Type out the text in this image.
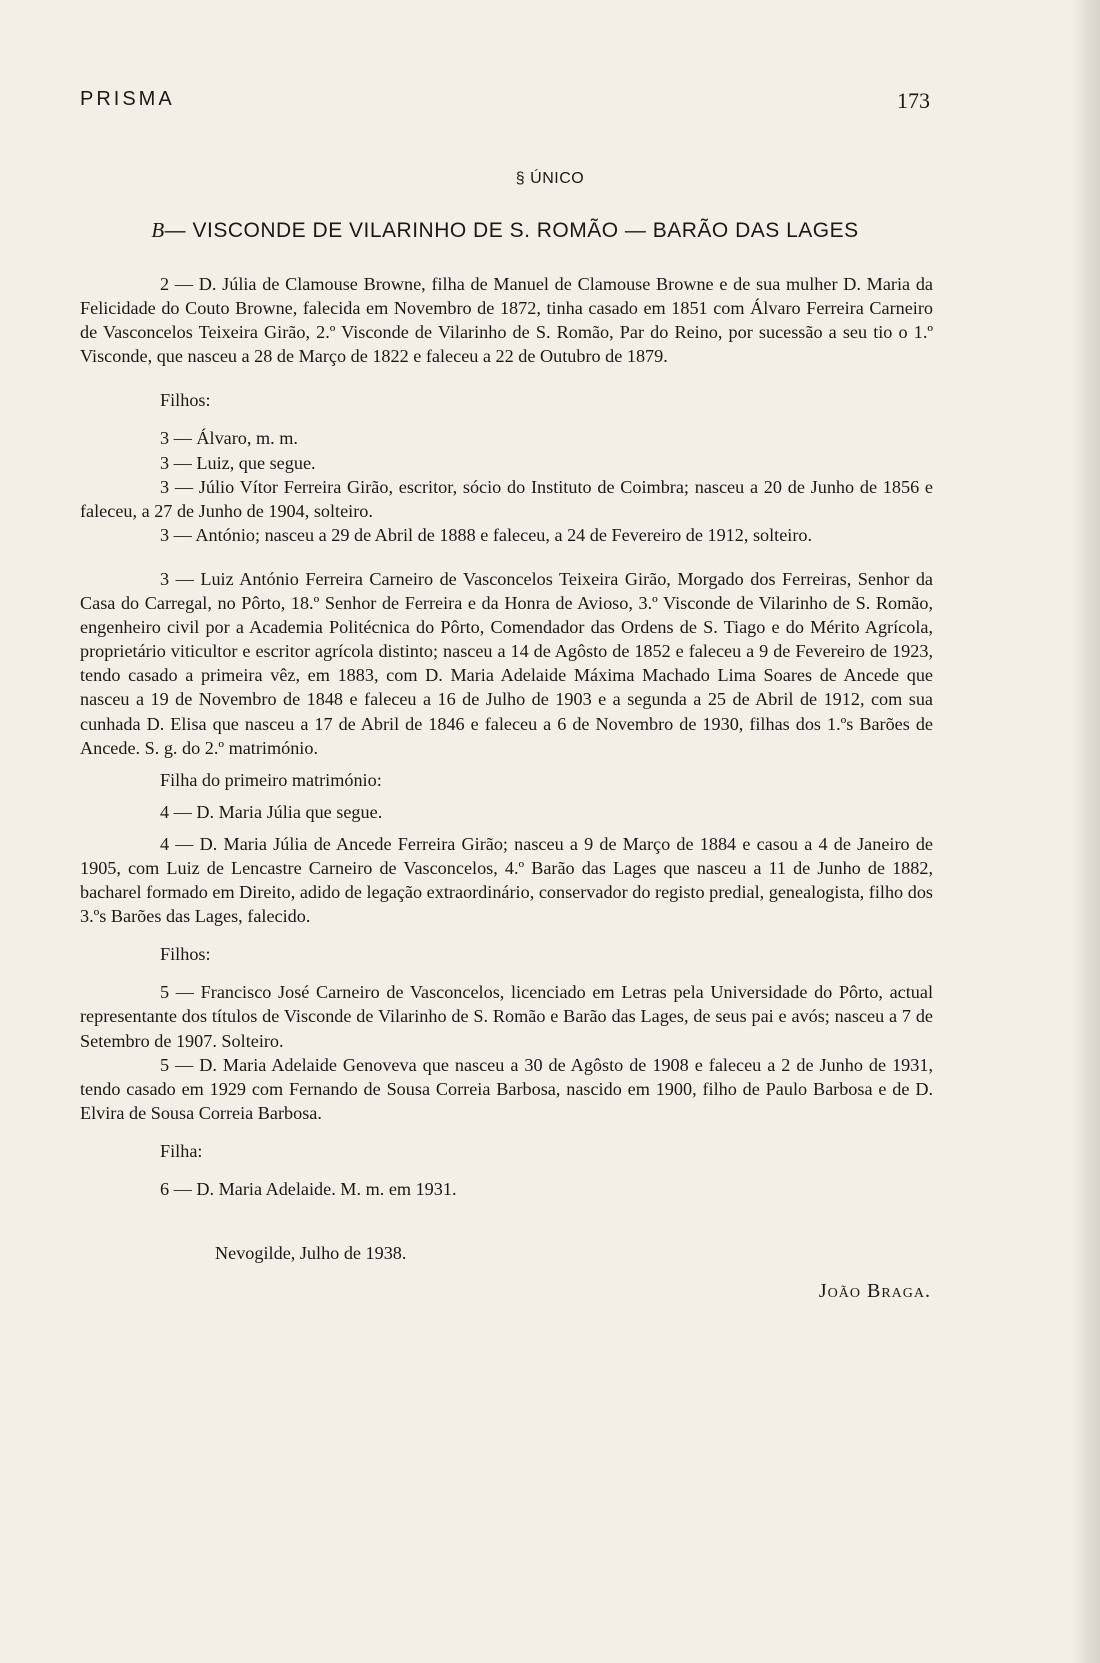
PRISMA	173
§ ÚNICO
B— VISCONDE DE VILARINHO DE S. ROMÃO — BARÃO DAS LAGES

2 — D. Júlia de Clamouse Browne, filha de Manuel de Clamouse Browne e de sua mulher D. Maria da Felicidade do Couto Browne, falecida em Novembro de 1872, tinha casado em 1851 com Álvaro Ferreira Carneiro de Vasconcelos Teixeira Girão, 2.º Visconde de Vilarinho de S. Romão, Par do Reino, por sucessão a seu tio o 1.º Visconde, que nasceu a 28 de Março de 1822 e faleceu a 22 de Outubro de 1879.

Filhos:

3 — Álvaro, m. m.

3 — Luiz, que segue.

3 — Júlio Vítor Ferreira Girão, escritor, sócio do Instituto de Coimbra; nasceu a 20 de Junho de 1856 e faleceu, a 27 de Junho de 1904, solteiro.

3 — António; nasceu a 29 de Abril de 1888 e faleceu, a 24 de Fevereiro de 1912, solteiro.

3 — Luiz António Ferreira Carneiro de Vasconcelos Teixeira Girão, Morgado dos Ferreiras, Senhor da Casa do Carregal, no Pôrto, 18.º Senhor de Ferreira e da Honra de Avioso, 3.º Visconde de Vilarinho de S. Romão, engenheiro civil por a Academia Politécnica do Pôrto, Comendador das Ordens de S. Tiago e do Mérito Agrícola, proprietário viticultor e escritor agrícola distinto; nasceu a 14 de Agôsto de 1852 e faleceu a 9 de Fevereiro de 1923, tendo casado a primeira vêz, em 1883, com D. Maria Adelaide Máxima Machado Lima Soares de Ancede que nasceu a 19 de Novembro de 1848 e faleceu a 16 de Julho de 1903 e a segunda a 25 de Abril de 1912, com sua cunhada D. Elisa que nasceu a 17 de Abril de 1846 e faleceu a 6 de Novembro de 1930, filhas dos 1.ºs Barões de Ancede. S. g. do 2.º matrimónio.

Filha do primeiro matrimónio:

4 — D. Maria Júlia que segue.

4 — D. Maria Júlia de Ancede Ferreira Girão; nasceu a 9 de Março de 1884 e casou a 4 de Janeiro de 1905, com Luiz de Lencastre Carneiro de Vasconcelos, 4.º Barão das Lages que nasceu a 11 de Junho de 1882, bacharel formado em Direito, adido de legação extraordinário, conservador do registo predial, genealogista, filho dos 3.ºs Barões das Lages, falecido.

Filhos:

5 — Francisco José Carneiro de Vasconcelos, licenciado em Letras pela Universidade do Pôrto, actual representante dos títulos de Visconde de Vilarinho de S. Romão e Barão das Lages, de seus pai e avós; nasceu a 7 de Setembro de 1907. Solteiro.

5 — D. Maria Adelaide Genoveva que nasceu a 30 de Agôsto de 1908 e faleceu a 2 de Junho de 1931, tendo casado em 1929 com Fernando de Sousa Correia Barbosa, nascido em 1900, filho de Paulo Barbosa e de D. Elvira de Sousa Correia Barbosa.

Filha:

6 — D. Maria Adelaide. M. m. em 1931.

Nevogilde, Julho de 1938.
João Braga.
